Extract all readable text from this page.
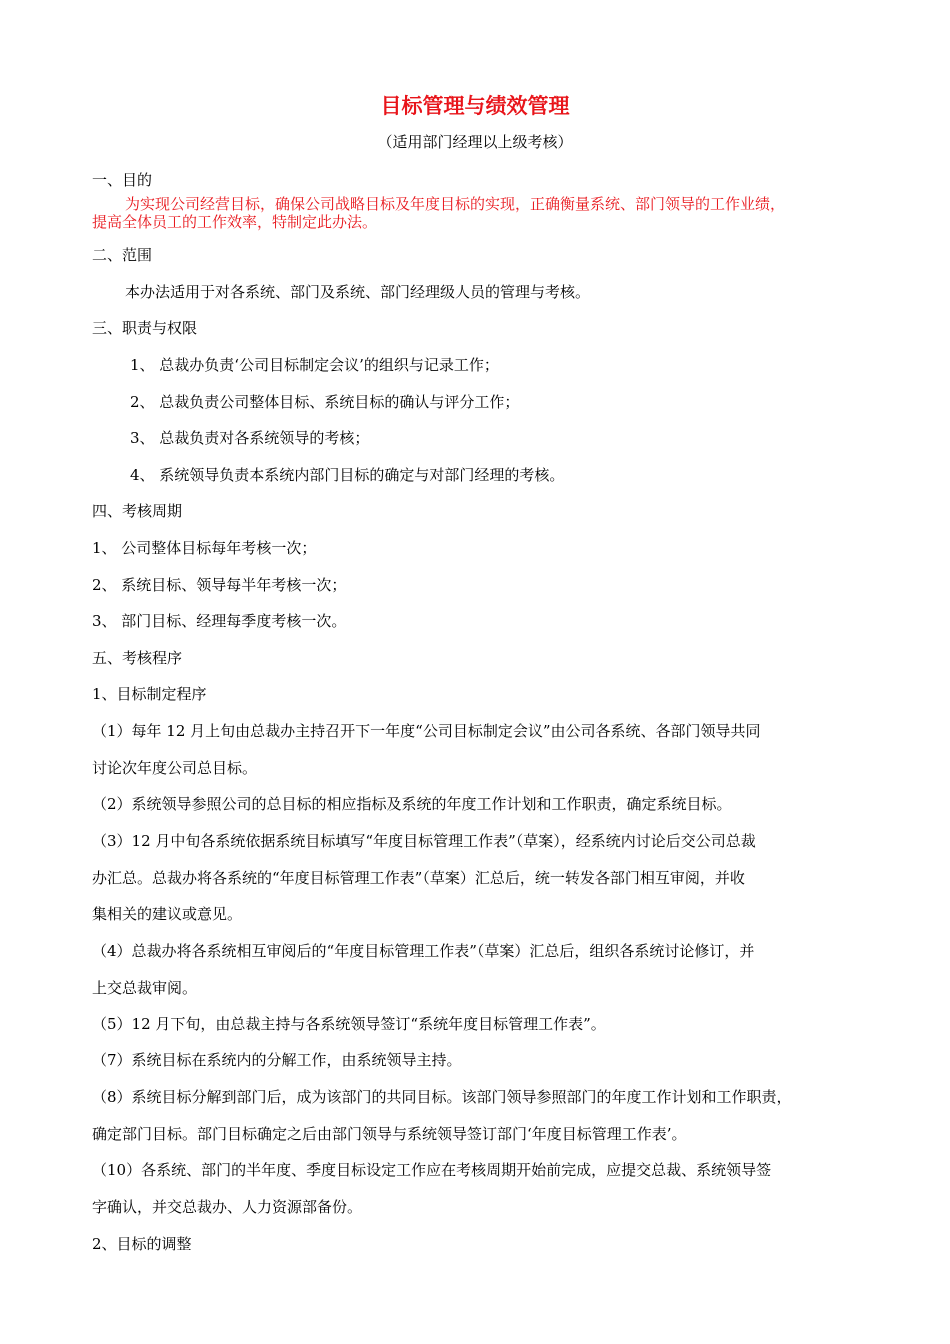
目标管理与绩效管理
（适用部门经理以上级考核）
一、目的
为实现公司经营目标，确保公司战略目标及年度目标的实现，正确衡量系统、部门领导的工作业绩，
提高全体员工的工作效率，特制定此办法。
二、范围
本办法适用于对各系统、部门及系统、部门经理级人员的管理与考核。
三、职责与权限
1、 总裁办负责‘公司目标制定会议’的组织与记录工作；
2、 总裁负责公司整体目标、系统目标的确认与评分工作；
3、 总裁负责对各系统领导的考核；
4、 系统领导负责本系统内部门目标的确定与对部门经理的考核。
四、考核周期
1、 公司整体目标每年考核一次；
2、 系统目标、领导每半年考核一次；
3、 部门目标、经理每季度考核一次。
五、考核程序
1、目标制定程序
（1）每年 12 月上旬由总裁办主持召开下一年度“公司目标制定会议”由公司各系统、各部门领导共同
讨论次年度公司总目标。
（2）系统领导参照公司的总目标的相应指标及系统的年度工作计划和工作职责，确定系统目标。
（3）12 月中旬各系统依据系统目标填写“年度目标管理工作表”（草案），经系统内讨论后交公司总裁
办汇总。总裁办将各系统的“年度目标管理工作表”（草案）汇总后，统一转发各部门相互审阅，并收
集相关的建议或意见。
（4）总裁办将各系统相互审阅后的“年度目标管理工作表”（草案）汇总后，组织各系统讨论修订，并
上交总裁审阅。
（5）12 月下旬，由总裁主持与各系统领导签订“系统年度目标管理工作表”。
（7）系统目标在系统内的分解工作，由系统领导主持。
（8）系统目标分解到部门后，成为该部门的共同目标。该部门领导参照部门的年度工作计划和工作职责，
确定部门目标。部门目标确定之后由部门领导与系统领导签订部门‘年度目标管理工作表’。
（10）各系统、部门的半年度、季度目标设定工作应在考核周期开始前完成，应提交总裁、系统领导签
字确认，并交总裁办、人力资源部备份。
2、目标的调整
